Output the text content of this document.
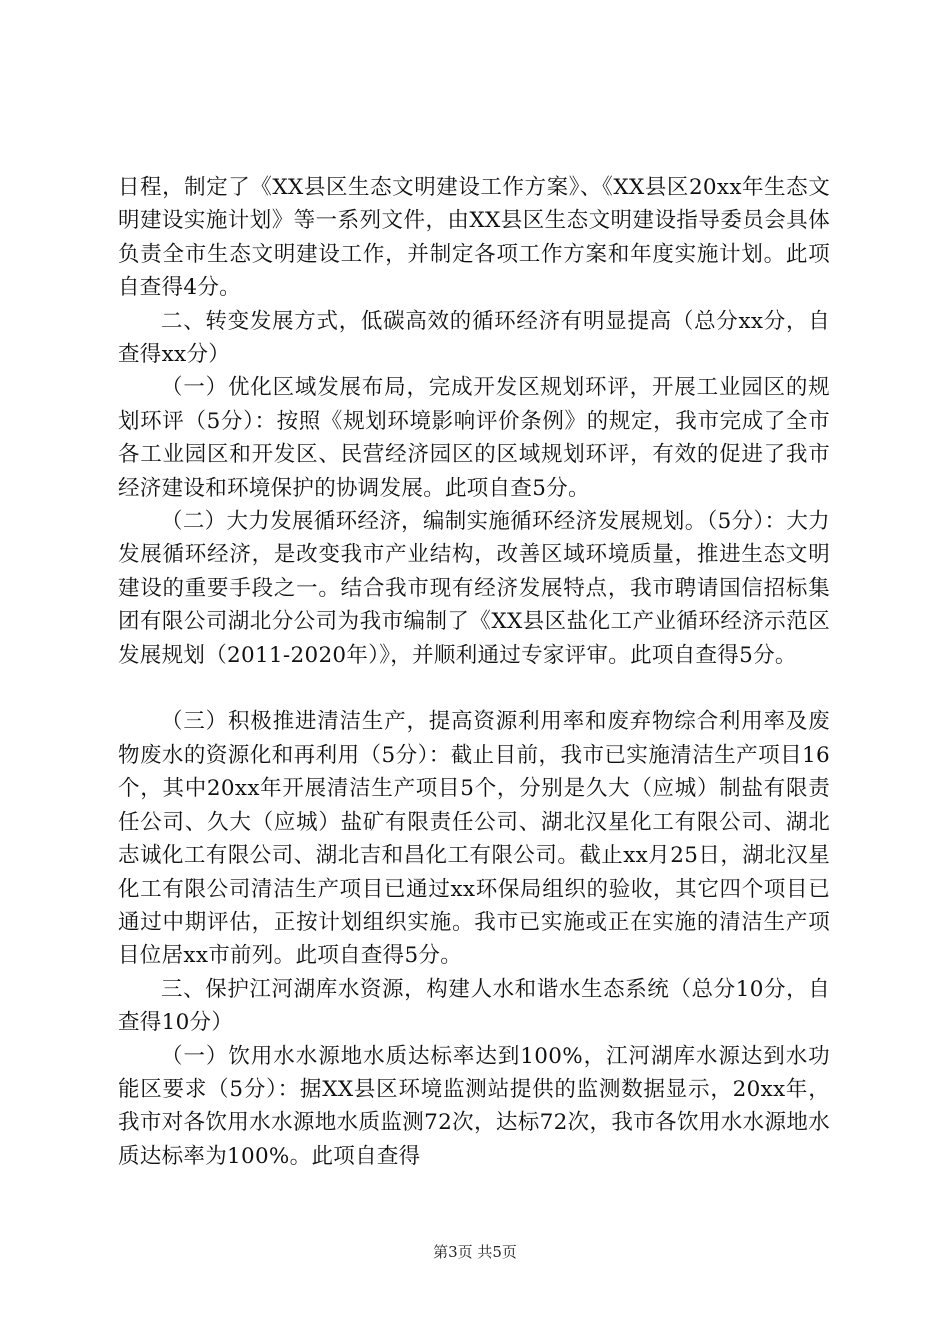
日程，制定了《XX县区生态文明建设工作方案》、《XX县区20xx年生态文明建设实施计划》等一系列文件，由XX县区生态文明建设指导委员会具体负责全市生态文明建设工作，并制定各项工作方案和年度实施计划。此项自查得4分。

二、转变发展方式，低碳高效的循环经济有明显提高（总分xx分，自查得xx分）

（一）优化区域发展布局，完成开发区规划环评，开展工业园区的规划环评（5分）：按照《规划环境影响评价条例》的规定，我市完成了全市各工业园区和开发区、民营经济园区的区域规划环评，有效的促进了我市经济建设和环境保护的协调发展。此项自查5分。

（二）大力发展循环经济，编制实施循环经济发展规划。（5分）：大力发展循环经济，是改变我市产业结构，改善区域环境质量，推进生态文明建设的重要手段之一。结合我市现有经济发展特点，我市聘请国信招标集团有限公司湖北分公司为我市编制了《XX县区盐化工产业循环经济示范区发展规划（2011-2020年）》，并顺利通过专家评审。此项自查得5分。

（三）积极推进清洁生产，提高资源利用率和废弃物综合利用率及废物废水的资源化和再利用（5分）：截止目前，我市已实施清洁生产项目16个，其中20xx年开展清洁生产项目5个，分别是久大（应城）制盐有限责任公司、久大（应城）盐矿有限责任公司、湖北汉星化工有限公司、湖北志诚化工有限公司、湖北吉和昌化工有限公司。截止xx月25日，湖北汉星化工有限公司清洁生产项目已通过xx环保局组织的验收，其它四个项目已通过中期评估，正按计划组织实施。我市已实施或正在实施的清洁生产项目位居xx市前列。此项自查得5分。

三、保护江河湖库水资源，构建人水和谐水生态系统（总分10分，自查得10分）

（一）饮用水水源地水质达标率达到100%，江河湖库水源达到水功能区要求（5分）：据XX县区环境监测站提供的监测数据显示，20xx年，我市对各饮用水水源地水质监测72次，达标72次，我市各饮用水水源地水质达标率为100%。此项自查得

第3页 共5页
